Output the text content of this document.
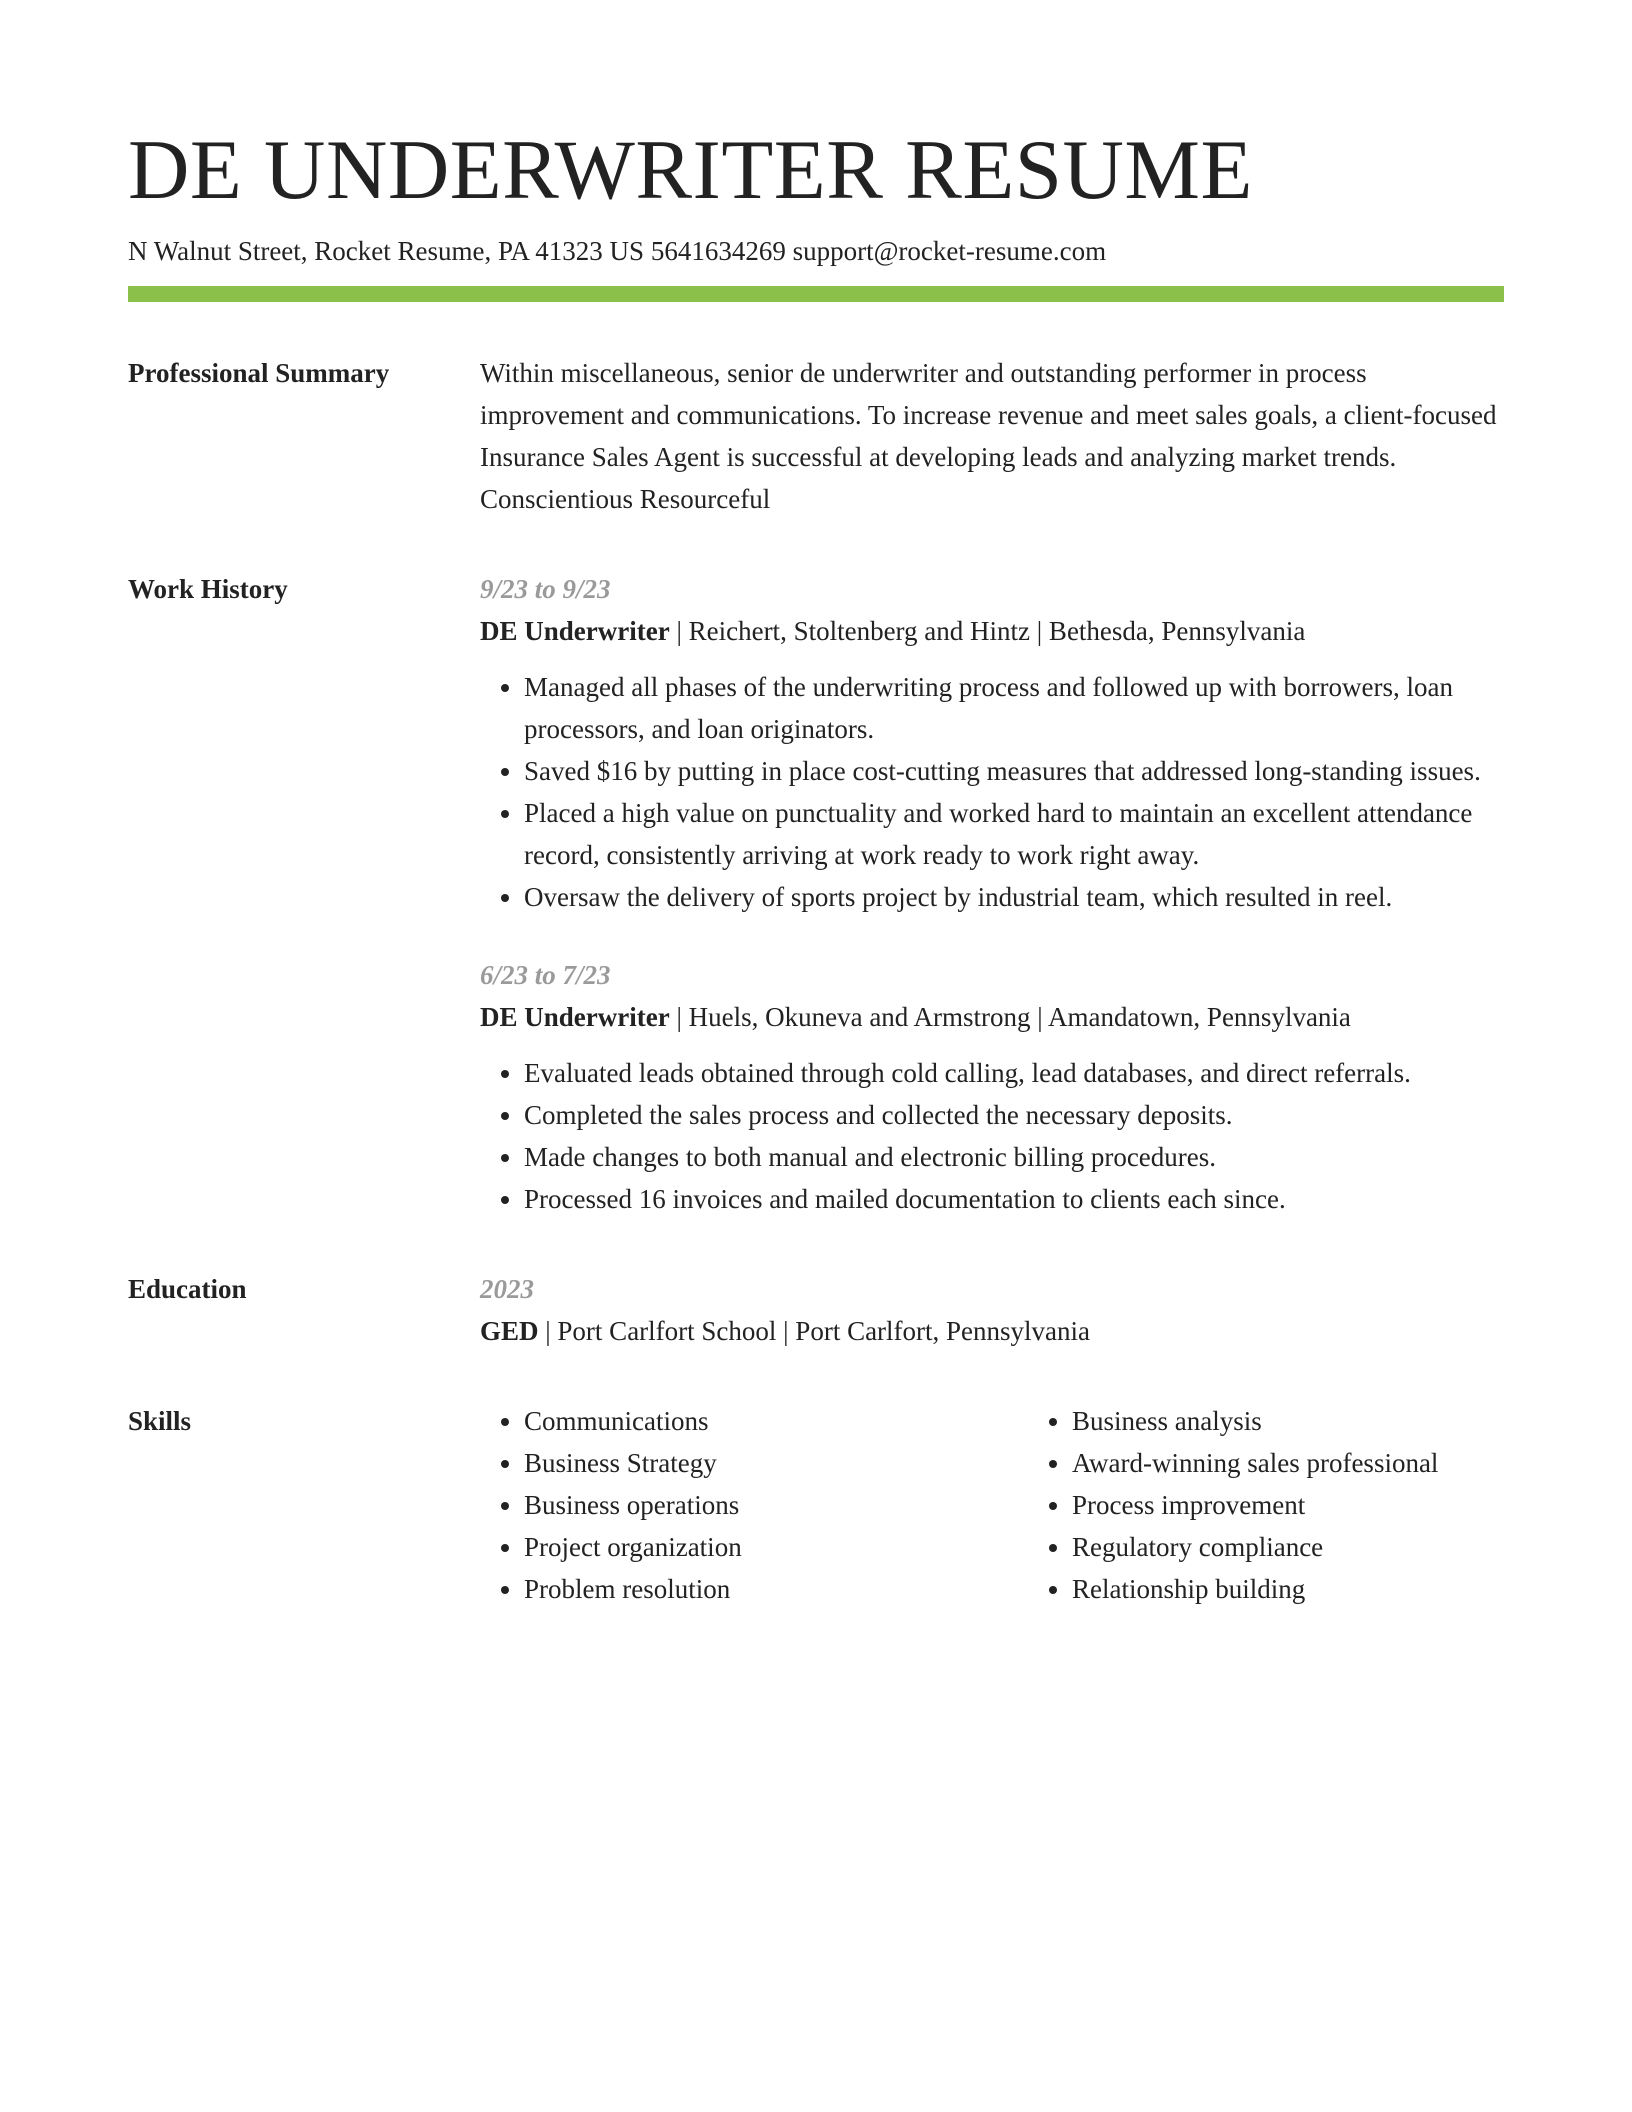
DE UNDERWRITER RESUME
N Walnut Street, Rocket Resume, PA 41323 US 5641634269 support@rocket-resume.com
Professional Summary	Within miscellaneous, senior de underwriter and outstanding performer in process improvement and communications. To increase revenue and meet sales goals, a client-focused Insurance Sales Agent is successful at developing leads and analyzing market trends. Conscientious Resourceful

Work History	9/23 to 9/23
DE Underwriter | Reichert, Stoltenberg and Hintz | Bethesda, Pennsylvania
• Managed all phases of the underwriting process and followed up with borrowers, loan processors, and loan originators.
• Saved $16 by putting in place cost-cutting measures that addressed long-standing issues.
• Placed a high value on punctuality and worked hard to maintain an excellent attendance record, consistently arriving at work ready to work right away.
• Oversaw the delivery of sports project by industrial team, which resulted in reel.
6/23 to 7/23
DE Underwriter | Huels, Okuneva and Armstrong | Amandatown, Pennsylvania
• Evaluated leads obtained through cold calling, lead databases, and direct referrals.
• Completed the sales process and collected the necessary deposits.
• Made changes to both manual and electronic billing procedures.
• Processed 16 invoices and mailed documentation to clients each since.
Education	2023
GED | Port Carlfort School | Port Carlfort, Pennsylvania
Skills
•	Communications
• Business Strategy
• Business operations
• Project organization
• Problem resolution
• Business analysis
• Award-winning sales professional
• Process improvement
• Regulatory compliance
• Relationship building
